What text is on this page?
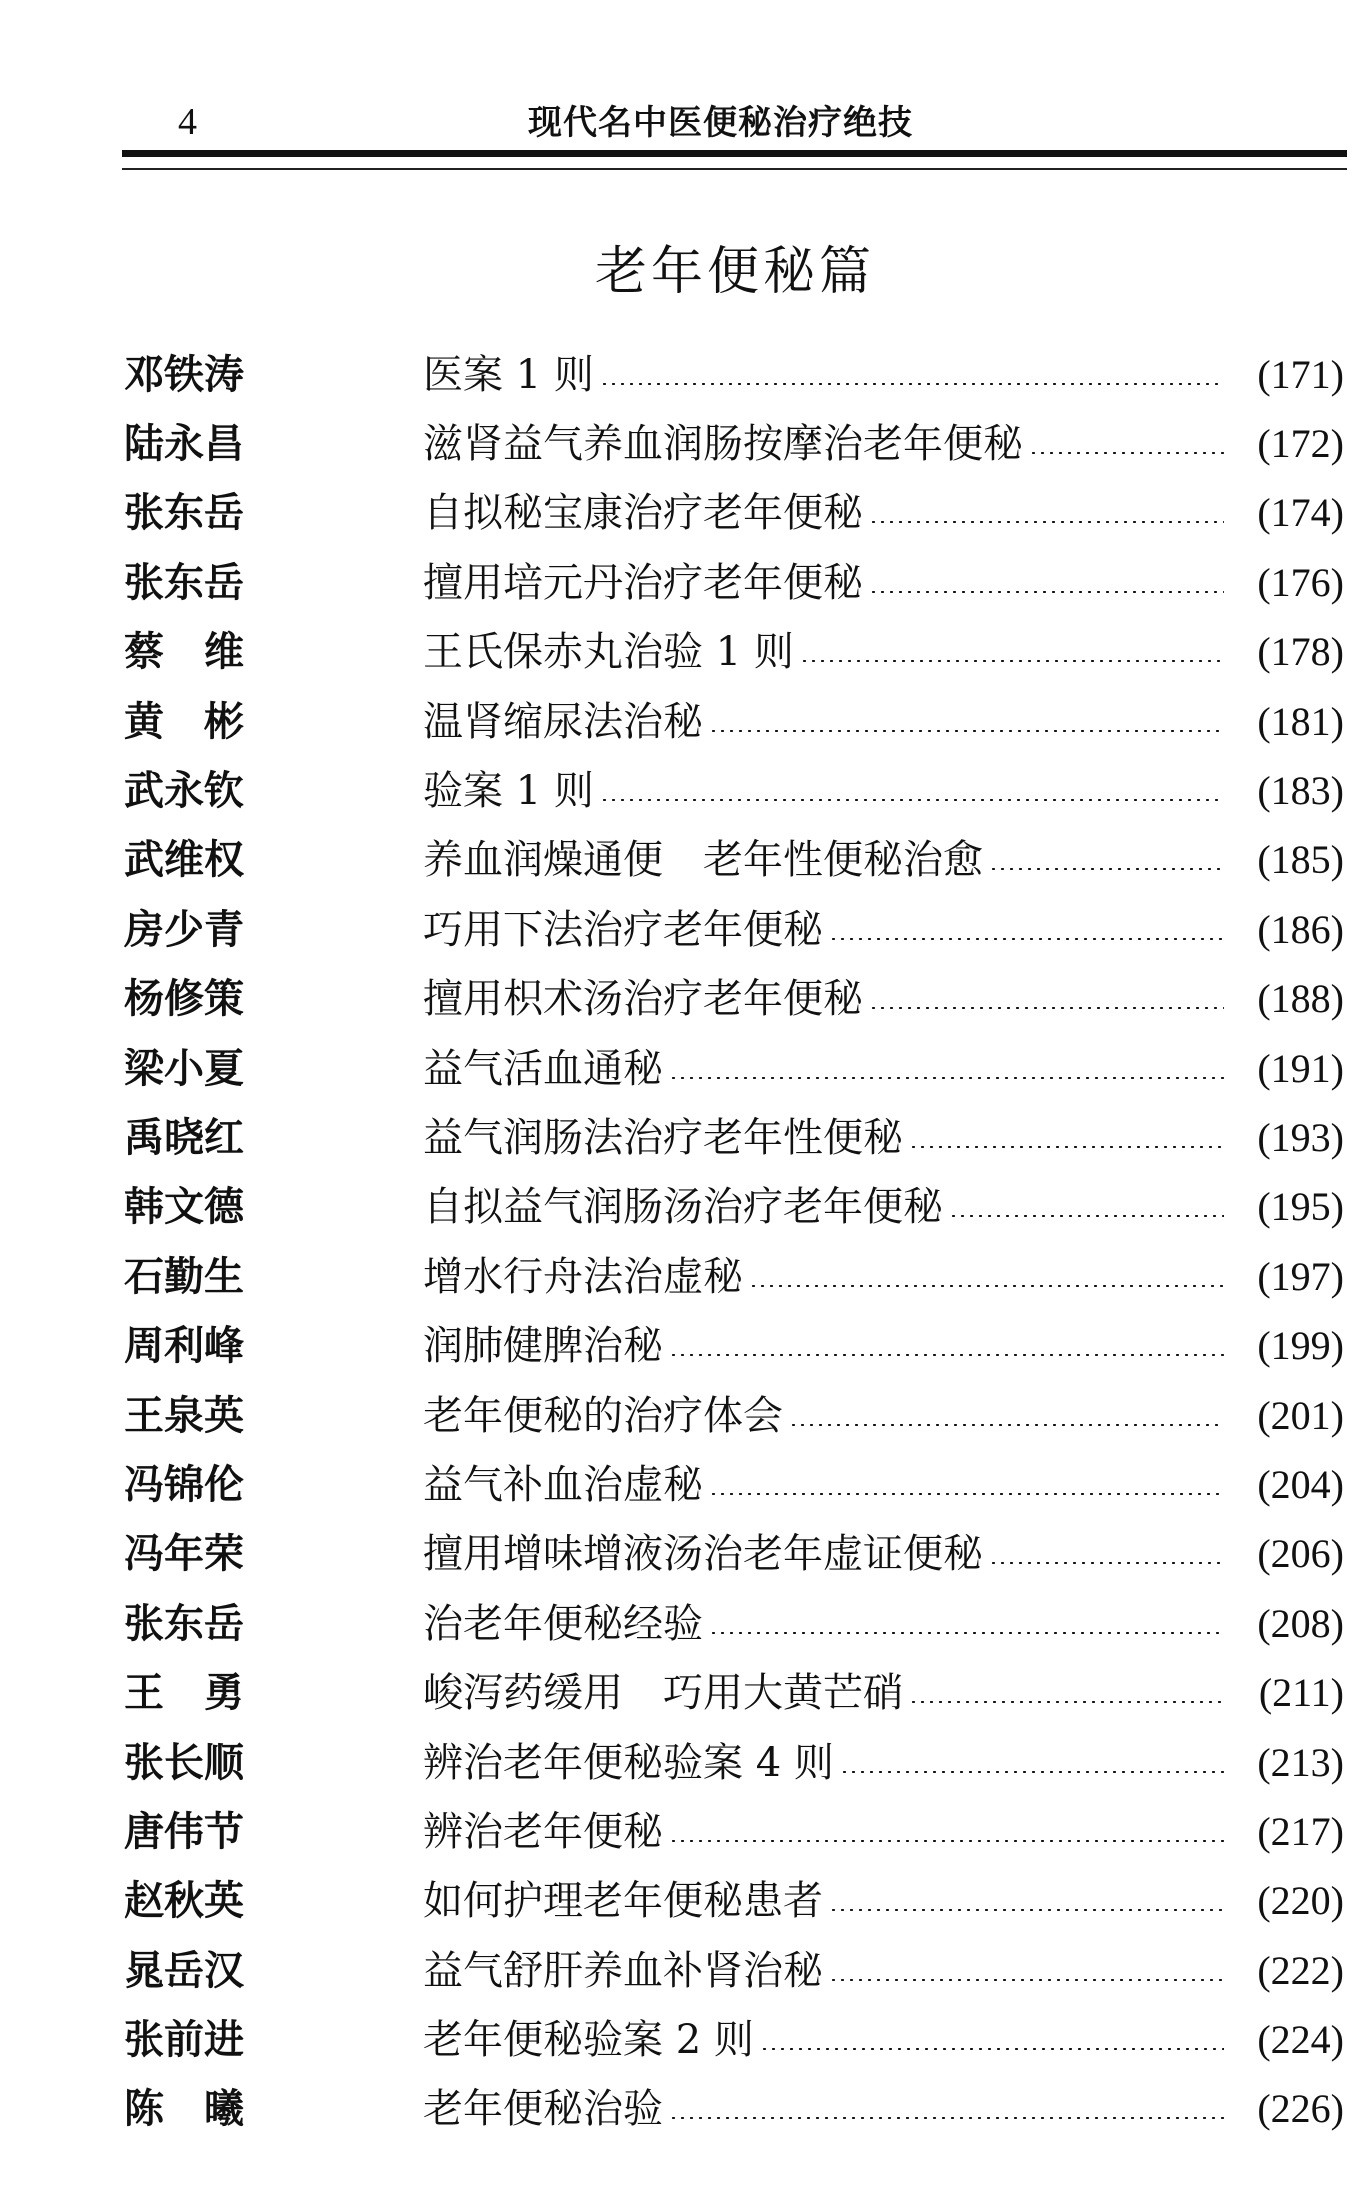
4	现代名中医便秘治疗绝技
老年便秘篇
邓铁涛	医案 1 则	(171)
陆永昌	滋肾益气养血润肠按摩治老年便秘	(172)
张东岳	自拟秘宝康治疗老年便秘	(174)
张东岳	擅用培元丹治疗老年便秘	(176)
蔡　维	王氏保赤丸治验 1 则	(178)
黄　彬	温肾缩尿法治秘	(181)
武永钦	验案 1 则	(183)
武维权	养血润燥通便　老年性便秘治愈	(185)
房少青	巧用下法治疗老年便秘	(186)
杨修策	擅用枳术汤治疗老年便秘	(188)
梁小夏	益气活血通秘	(191)
禹晓红	益气润肠法治疗老年性便秘	(193)
韩文德	自拟益气润肠汤治疗老年便秘	(195)
石勤生	增水行舟法治虚秘	(197)
周利峰	润肺健脾治秘	(199)
王泉英	老年便秘的治疗体会	(201)
冯锦伦	益气补血治虚秘	(204)
冯年荣	擅用增味增液汤治老年虚证便秘	(206)
张东岳	治老年便秘经验	(208)
王　勇	峻泻药缓用　巧用大黄芒硝	(211)
张长顺	辨治老年便秘验案 4 则	(213)
唐伟节	辨治老年便秘	(217)
赵秋英	如何护理老年便秘患者	(220)
晁岳汉	益气舒肝养血补肾治秘	(222)
张前进	老年便秘验案 2 则	(224)
陈　曦	老年便秘治验	(226)
